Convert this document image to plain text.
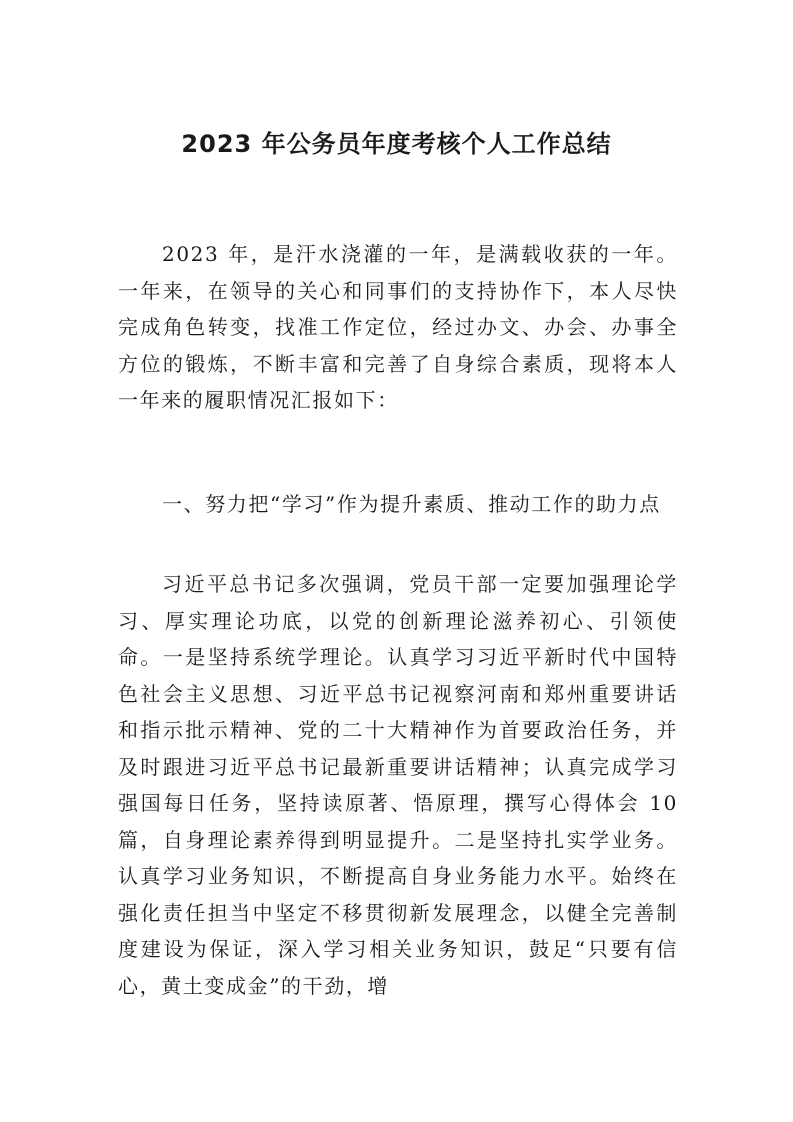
2023 年公务员年度考核个人工作总结

2023 年，是汗水浇灌的一年，是满载收获的一年。一年来，在领导的关心和同事们的支持协作下，本人尽快完成角色转变，找准工作定位，经过办文、办会、办事全方位的锻炼，不断丰富和完善了自身综合素质，现将本人一年来的履职情况汇报如下：

一、努力把“学习”作为提升素质、推动工作的助力点

习近平总书记多次强调，党员干部一定要加强理论学习、厚实理论功底，以党的创新理论滋养初心、引领使命。一是坚持系统学理论。认真学习习近平新时代中国特色社会主义思想、习近平总书记视察河南和郑州重要讲话和指示批示精神、党的二十大精神作为首要政治任务，并及时跟进习近平总书记最新重要讲话精神；认真完成学习强国每日任务，坚持读原著、悟原理，撰写心得体会 10 篇，自身理论素养得到明显提升。二是坚持扎实学业务。认真学习业务知识，不断提高自身业务能力水平。始终在强化责任担当中坚定不移贯彻新发展理念，以健全完善制度建设为保证，深入学习相关业务知识，鼓足“只要有信心，黄土变成金”的干劲，增
